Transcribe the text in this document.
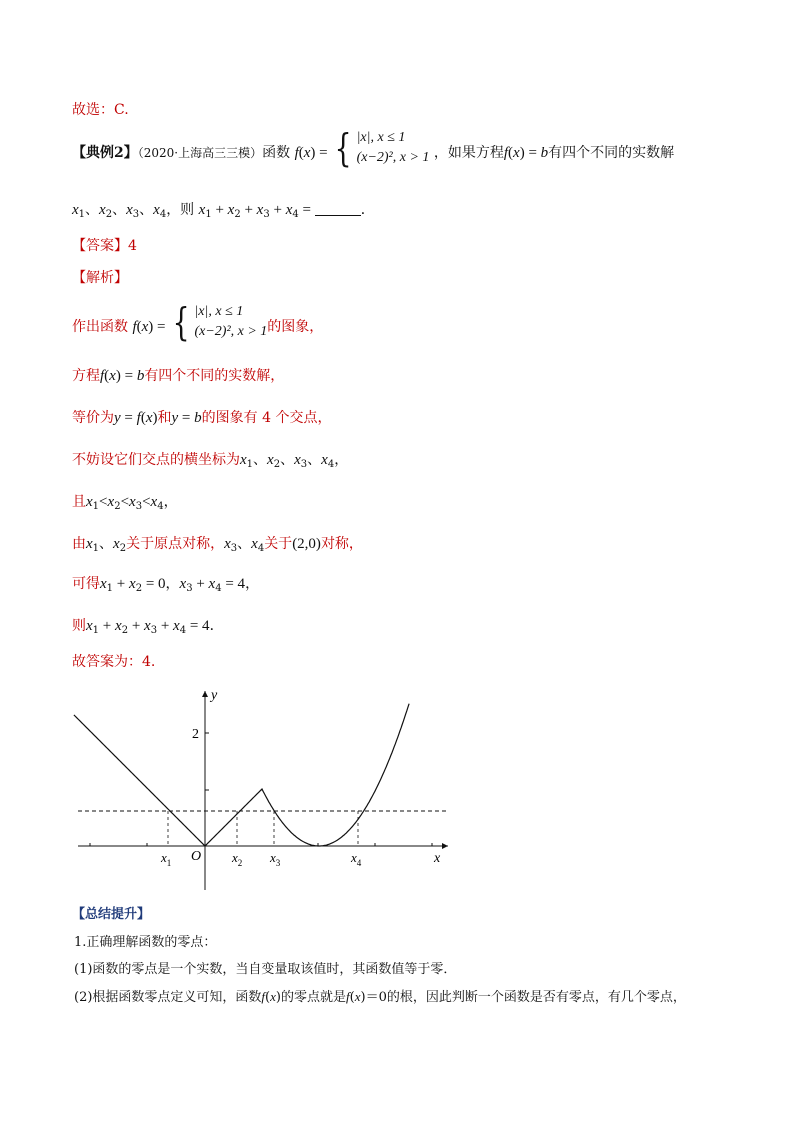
故选：C.
【典例2】（2020·上海高三三模）函数 f(x) = { |x|, x ≤ 1
(x−2)², x > 1 ，如果方程f(x) = b有四个不同的实数解
$x_1$、$x_2$、$x_3$、$x_4$，则 $x_1 + x_2 + x_3 + x_4$ =	．
【答案】4
【解析】
作出函数 f(x) = { |x|, x ≤ 1
(x−2)², x > 1的图象，
方程f(x) = b有四个不同的实数解，
等价为y = f(x)和y = b的图象有 4 个交点，
不妨设它们交点的横坐标为$x_1$、$x_2$、$x_3$、$x_4$，
且$x_1<x_2<x_3<x_4$，
由$x_1$、$x_2$关于原点对称，$x_3$、$x_4$关于(2,0)对称，
可得$x_1 + x_2 = 0$，$x_3 + x_4 = 4$，
则$x_1 + x_2 + x_3 + x_4 = 4$．
故答案为：4.
y
x
O
2
$x_1$	$x_2$ $x_3$	$x_4$
【总结提升】
1.正确理解函数的零点：
(1)函数的零点是一个实数，当自变量取该值时，其函数值等于零．
(2)根据函数零点定义可知，函数f(x)的零点就是f(x)＝0的根，因此判断一个函数是否有零点，有几个零点，
